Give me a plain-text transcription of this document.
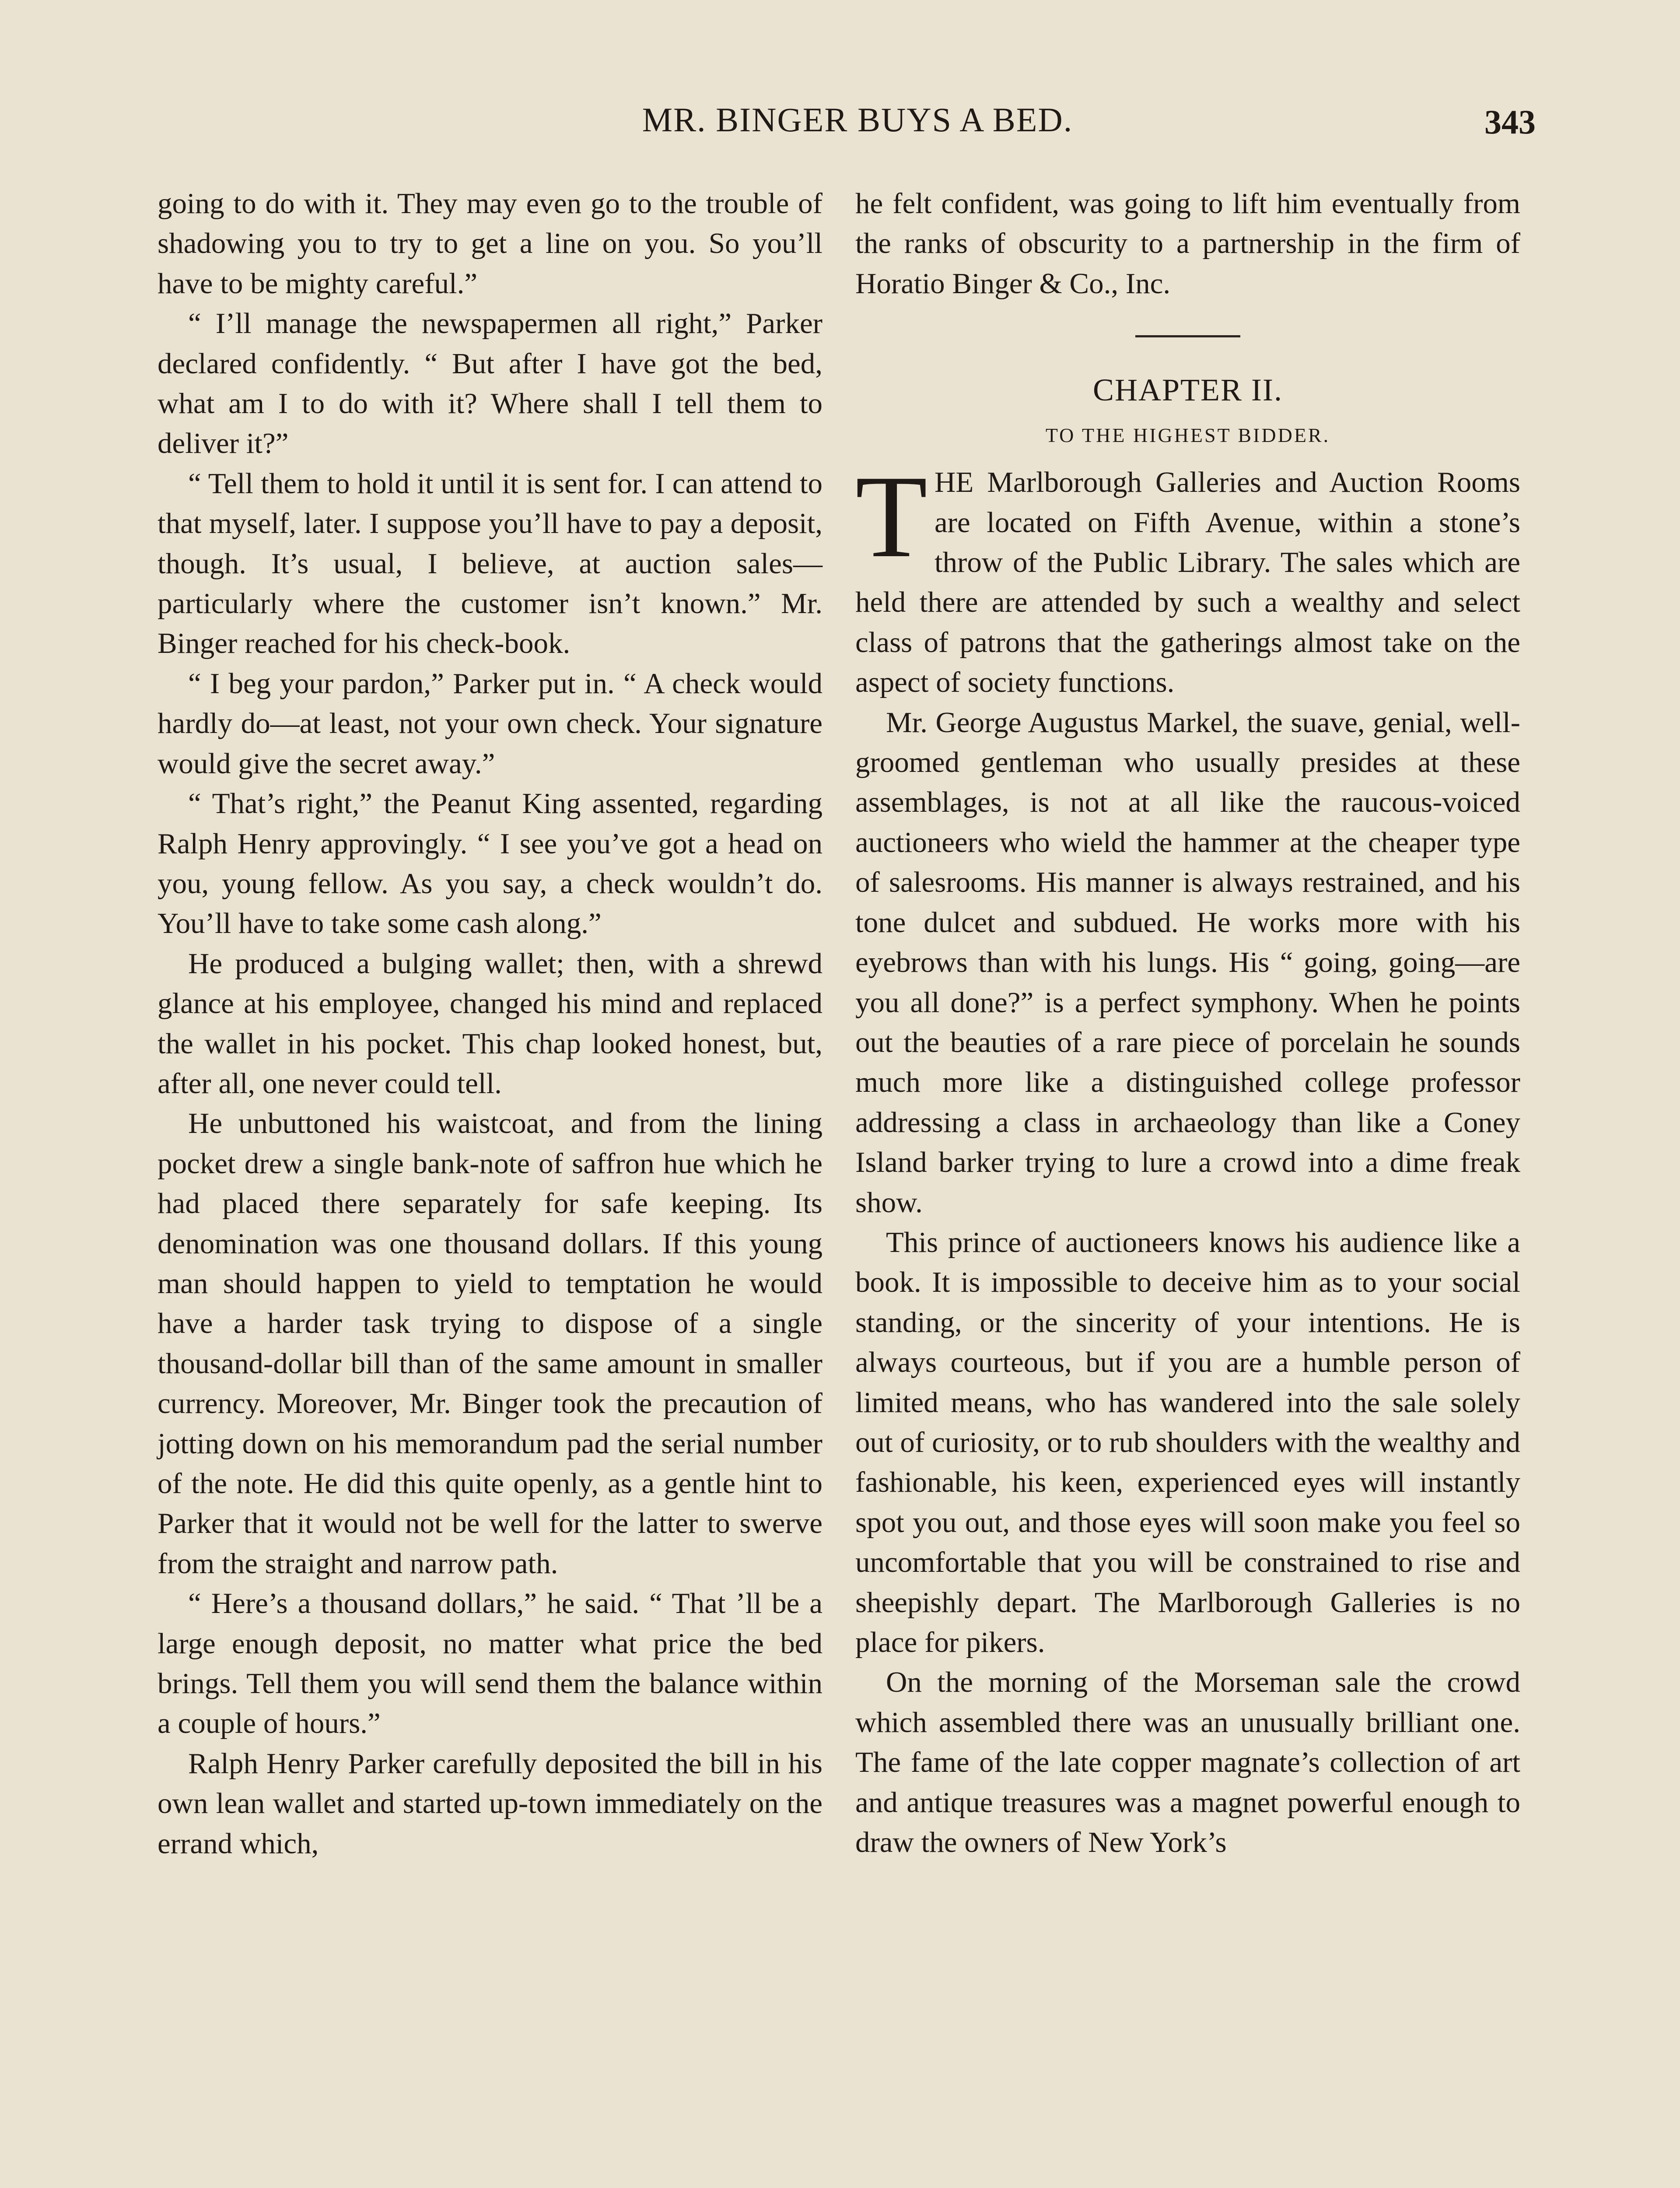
MR. BINGER BUYS A BED.	343

going to do with it. They may even go to the trouble of shadowing you to try to get a line on you. So you’ll have to be mighty careful.”

“ I’ll manage the newspapermen all right,” Parker declared confidently. “ But after I have got the bed, what am I to do with it? Where shall I tell them to deliver it?”

“ Tell them to hold it until it is sent for. I can attend to that myself, later. I suppose you’ll have to pay a deposit, though. It’s usual, I believe, at auction sales—particularly where the customer isn’t known.” Mr. Binger reached for his check-book.

“ I beg your pardon,” Parker put in. “ A check would hardly do—at least, not your own check. Your signature would give the secret away.”

“ That’s right,” the Peanut King assented, regarding Ralph Henry approvingly. “ I see you’ve got a head on you, young fellow. As you say, a check wouldn’t do. You’ll have to take some cash along.”

He produced a bulging wallet; then, with a shrewd glance at his employee, changed his mind and replaced the wallet in his pocket. This chap looked honest, but, after all, one never could tell.

He unbuttoned his waistcoat, and from the lining pocket drew a single bank-note of saffron hue which he had placed there separately for safe keeping. Its denomination was one thousand dollars. If this young man should happen to yield to temptation he would have a harder task trying to dispose of a single thousand-dollar bill than of the same amount in smaller currency. Moreover, Mr. Binger took the precaution of jotting down on his memorandum pad the serial number of the note. He did this quite openly, as a gentle hint to Parker that it would not be well for the latter to swerve from the straight and narrow path.

“ Here’s a thousand dollars,” he said. “ That ’ll be a large enough deposit, no matter what price the bed brings. Tell them you will send them the balance within a couple of hours.”

Ralph Henry Parker carefully deposited the bill in his own lean wallet and started up-town immediately on the errand which,

he felt confident, was going to lift him eventually from the ranks of obscurity to a partnership in the firm of Horatio Binger & Co., Inc.

CHAPTER II.
TO THE HIGHEST BIDDER.

THE Marlborough Galleries and Auction Rooms are located on Fifth Avenue, within a stone’s throw of the Public Library. The sales which are held there are attended by such a wealthy and select class of patrons that the gatherings almost take on the aspect of society functions.

Mr. George Augustus Markel, the suave, genial, well-groomed gentleman who usually presides at these assemblages, is not at all like the raucous-voiced auctioneers who wield the hammer at the cheaper type of salesrooms. His manner is always restrained, and his tone dulcet and subdued. He works more with his eyebrows than with his lungs. His “ going, going—are you all done?” is a perfect symphony. When he points out the beauties of a rare piece of porcelain he sounds much more like a distinguished college professor addressing a class in archaeology than like a Coney Island barker trying to lure a crowd into a dime freak show.

This prince of auctioneers knows his audience like a book. It is impossible to deceive him as to your social standing, or the sincerity of your intentions. He is always courteous, but if you are a humble person of limited means, who has wandered into the sale solely out of curiosity, or to rub shoulders with the wealthy and fashionable, his keen, experienced eyes will instantly spot you out, and those eyes will soon make you feel so uncomfortable that you will be constrained to rise and sheepishly depart. The Marlborough Galleries is no place for pikers.

On the morning of the Morseman sale the crowd which assembled there was an unusually brilliant one. The fame of the late copper magnate’s collection of art and antique treasures was a magnet powerful enough to draw the owners of New York’s
